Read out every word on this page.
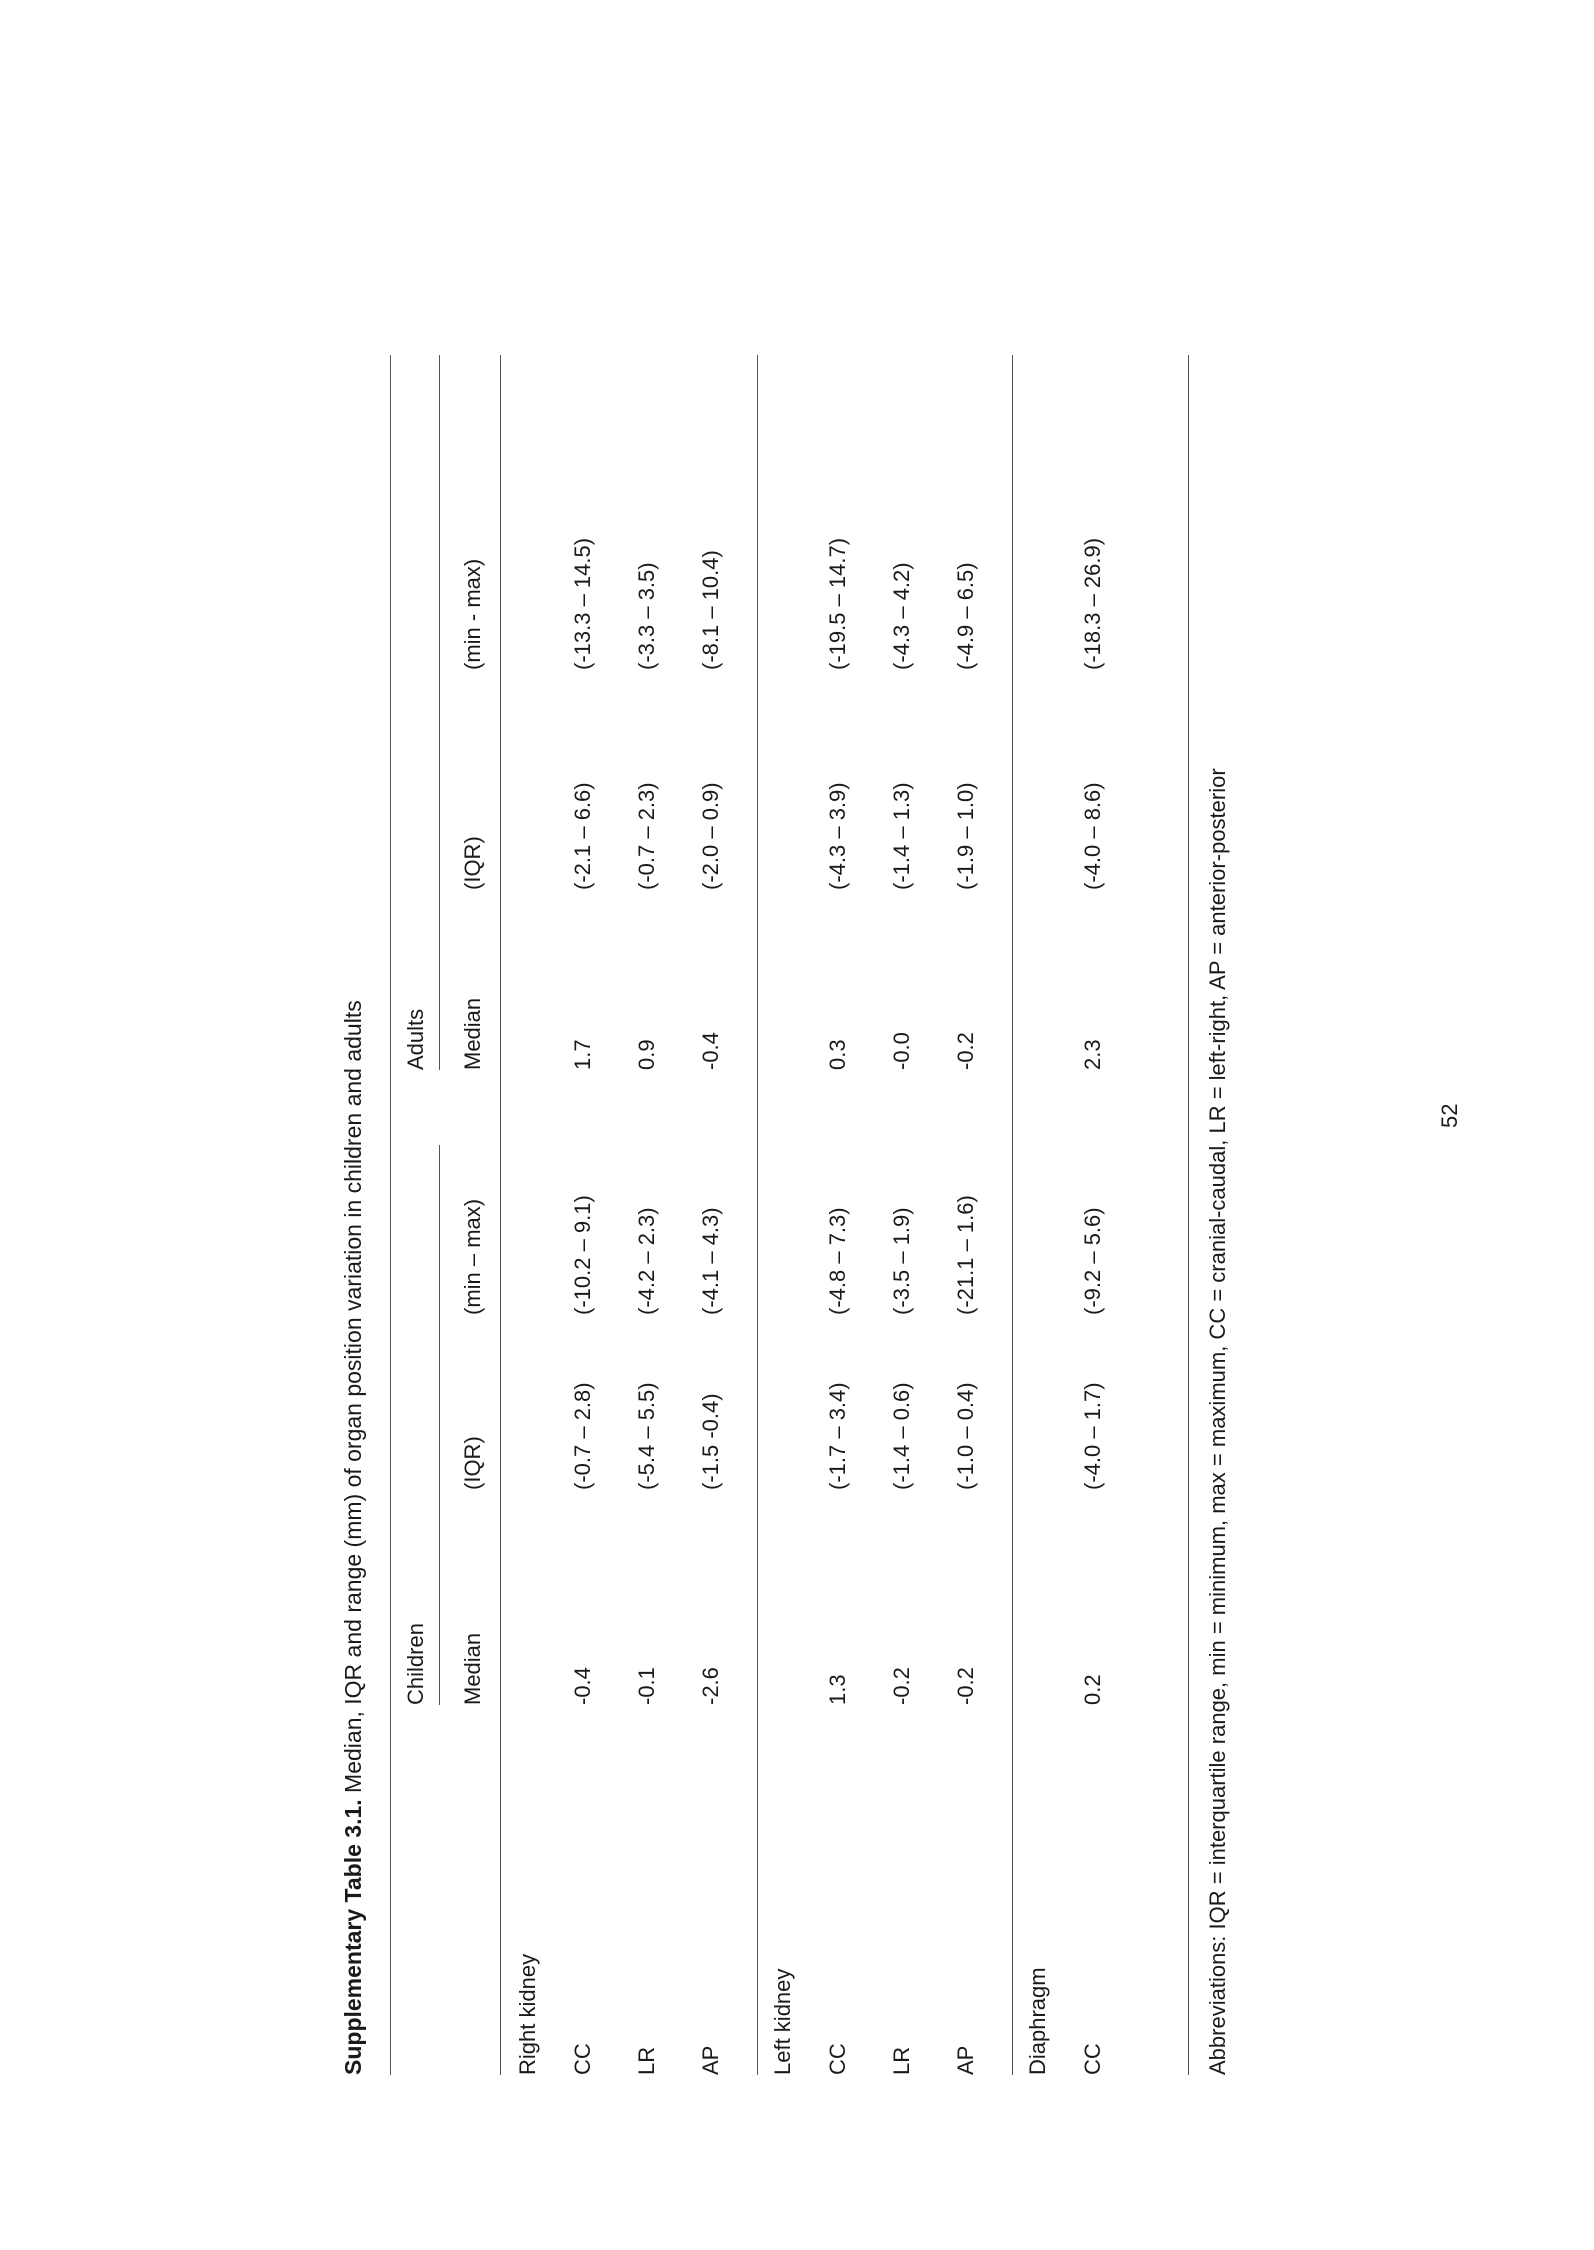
Supplementary Table 3.1. Median, IQR and range (mm) of organ position variation in children and adults Children
Adults
Median
(IQR)
(min – max)
Median
(IQR)
(min - max)
Right kidney CC
-0.4
(-0.7 – 2.8)
(-10.2 – 9.1)
1.7
(-2.1 – 6.6)
(-13.3 – 14.5)
LR
-0.1
(-5.4 – 5.5)
(-4.2 – 2.3)
0.9
(-0.7 – 2.3)
(-3.3 – 3.5)
AP
-2.6
(-1.5 -0.4)
(-4.1 – 4.3)
-0.4
(-2.0 – 0.9)
(-8.1 – 10.4)
Left kidney CC
1.3
(-1.7 – 3.4)
(-4.8 – 7.3)
0.3
(-4.3 – 3.9)
(-19.5 – 14.7)
LR
-0.2
(-1.4 – 0.6)
(-3.5 – 1.9)
-0.0
(-1.4 – 1.3)
(-4.3 – 4.2)
AP
-0.2
(-1.0 – 0.4)
(-21.1 – 1.6)
-0.2
(-1.9 – 1.0)
(-4.9 – 6.5)
Diaphragm CC
0.2
(-4.0 – 1.7)
(-9.2 – 5.6)
2.3
(-4.0 – 8.6)
(-18.3 – 26.9)
Abbreviations: IQR = interquartile range, min = minimum, max = maximum, CC = cranial-caudal, LR = left-right, AP = anterior-posterior	52
